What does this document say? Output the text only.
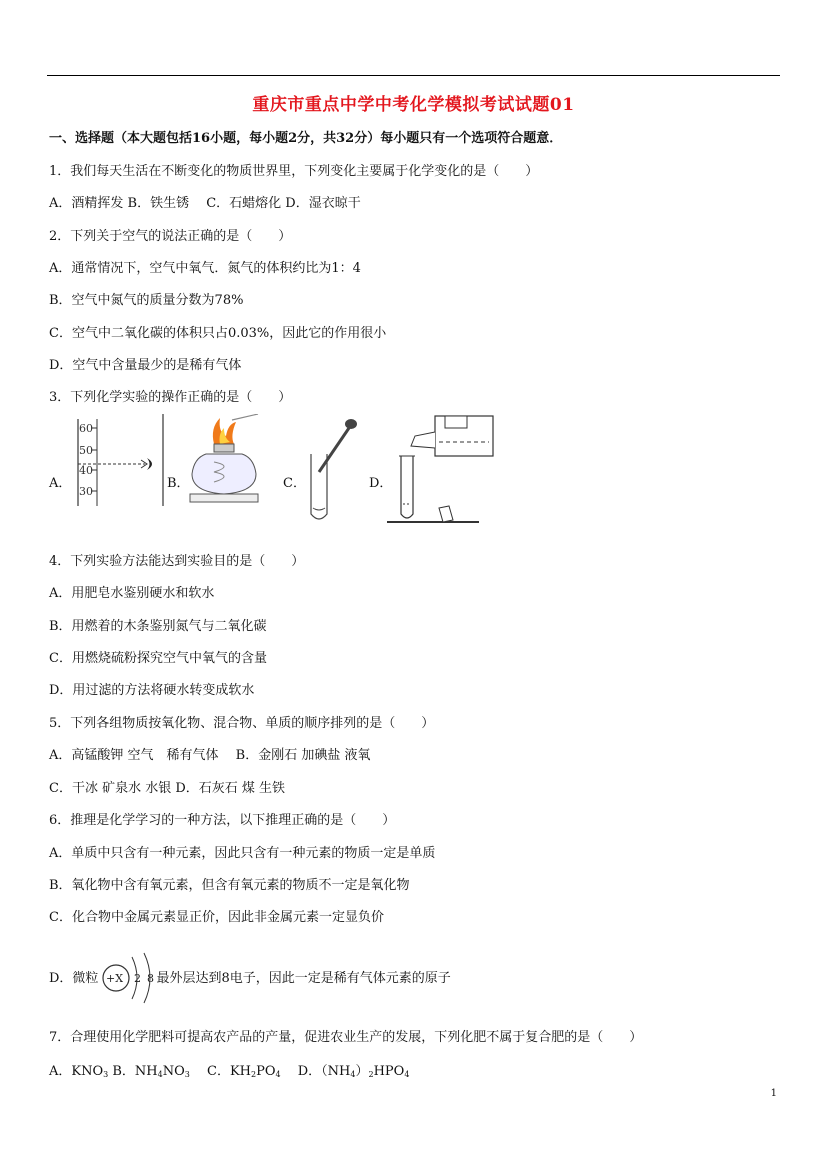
重庆市重点中学中考化学模拟考试试题01
一、选择题（本大题包括16小题，每小题2分，共32分）每小题只有一个选项符合题意．
1．我们每天生活在不断变化的物质世界里，下列变化主要属于化学变化的是（　　）
A．酒精挥发 B．铁生锈　 C．石蜡熔化 D．湿衣晾干
2．下列关于空气的说法正确的是（　　）
A．通常情况下，空气中氧气．氮气的体积约比为1：4
B．空气中氮气的质量分数为78%
C．空气中二氧化碳的体积只占0.03%，因此它的作用很小
D．空气中含量最少的是稀有气体
3．下列化学实验的操作正确的是（　　）
A．
60
50
40
30
B．	C．	D．
4．下列实验方法能达到实验目的是（　　）
A．用肥皂水鉴别硬水和软水
B．用燃着的木条鉴别氮气与二氧化碳
C．用燃烧硫粉探究空气中氧气的含量
D．用过滤的方法将硬水转变成软水
5．下列各组物质按氧化物、混合物、单质的顺序排列的是（　　）
A．高锰酸钾 空气　稀有气体　 B．金刚石 加碘盐 液氧
C．干冰 矿泉水 水银 D．石灰石 煤 生铁
6．推理是化学学习的一种方法，以下推理正确的是（　　）
A．单质中只含有一种元素，因此只含有一种元素的物质一定是单质
B．氧化物中含有氧元素，但含有氧元素的物质不一定是氧化物
C．化合物中金属元素显正价，因此非金属元素一定显负价
D．微粒 +X 2 8 最外层达到8电子，因此一定是稀有气体元素的原子
7．合理使用化学肥料可提高农产品的产量，促进农业生产的发展，下列化肥不属于复合肥的是（　　）
A．$KNO_3$ B．$NH_4NO_3$　 C．$KH_2PO_4$　 D．$(NH_4)_2HPO_4$
1
